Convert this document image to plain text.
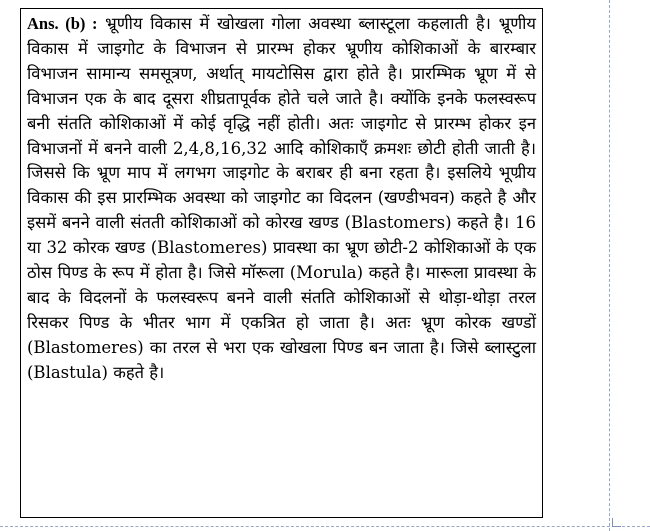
Ans. (b) : भ्रूणीय विकास में खोखला गोला अवस्था ब्लास्टूला कहलाती है। भ्रूणीय विकास में जाइगोट के विभाजन से प्रारम्भ होकर भ्रूणीय कोशिकाओं के बारम्बार विभाजन सामान्य समसूत्रण, अर्थात् मायटोसिस द्वारा होते है। प्रारम्भिक भ्रूण में से विभाजन एक के बाद दूसरा शीघ्रतापूर्वक होते चले जाते है। क्योंकि इनके फलस्वरूप बनी संतति कोशिकाओं में कोई वृद्धि नहीं होती। अतः जाइगोट से प्रारम्भ होकर इन विभाजनों में बनने वाली 2,4,8,16,32 आदि कोशिकाएँ क्रमशः छोटी होती जाती है। जिससे कि भ्रूण माप में लगभग जाइगोट के बराबर ही बना रहता है। इसलिये भूण्रीय विकास की इस प्रारम्भिक अवस्था को जाइगोट का विदलन (खण्डीभवन) कहते है और इसमें बनने वाली संतती कोशिकाओं को कोरख खण्ड (Blastomers) कहते है। 16 या 32 कोरक खण्ड (Blastomeres) प्रावस्था का भ्रूण छोटी-2 कोशिकाओं के एक ठोस पिण्ड के रूप में होता है। जिसे मॉरूला (Morula) कहते है। मारूला प्रावस्था के बाद के विदलनों के फलस्वरूप बनने वाली संतति कोशिकाओं से थोड़ा-थोड़ा तरल रिसकर पिण्ड के भीतर भाग में एकत्रित हो जाता है। अतः भ्रूण कोरक खण्डों (Blastomeres) का तरल से भरा एक खोखला पिण्ड बन जाता है। जिसे ब्लास्टुला (Blastula) कहते है।
